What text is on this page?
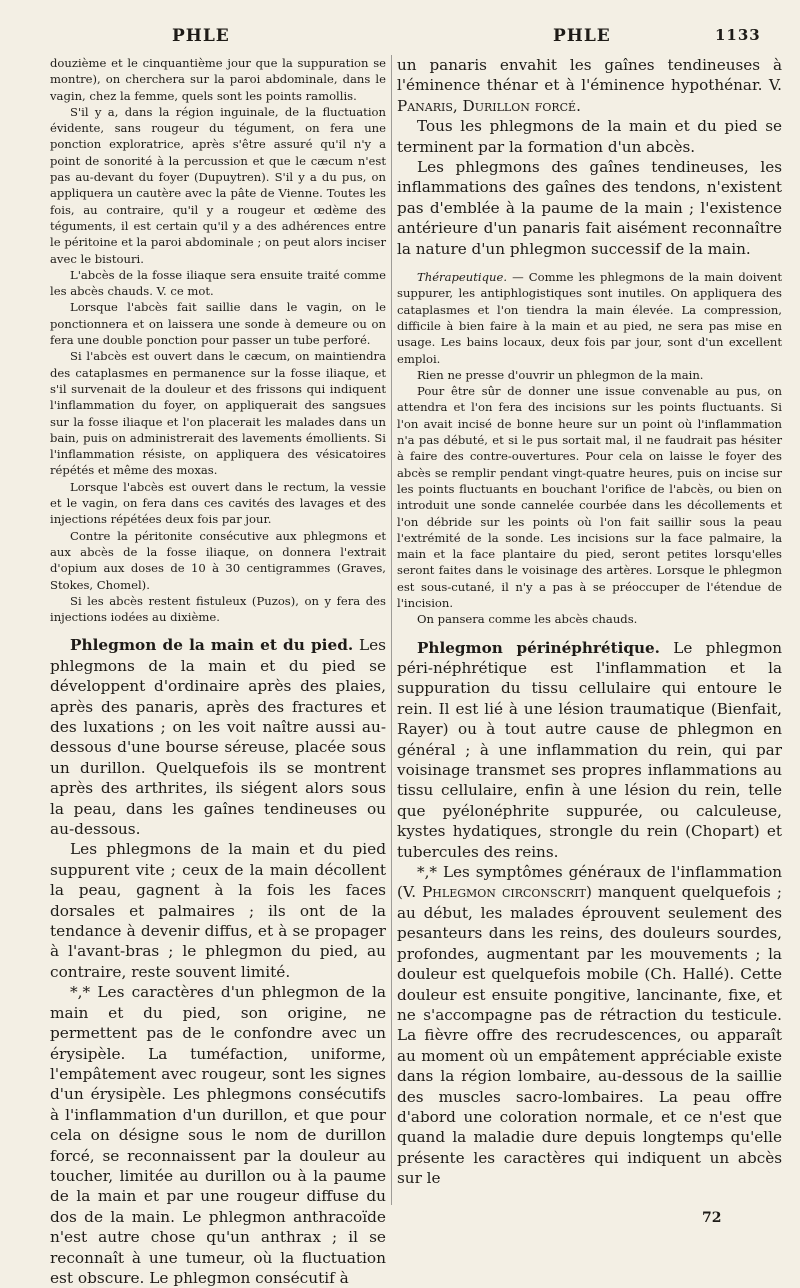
PHLE	PHLE	1133

douzième et le cinquantième jour que la suppuration se montre), on cherchera sur la paroi abdominale, dans le vagin, chez la femme, quels sont les points ramollis.

S'il y a, dans la région inguinale, de la fluctuation évidente, sans rougeur du tégument, on fera une ponction exploratrice, après s'être assuré qu'il n'y a point de sonorité à la percussion et que le cæcum n'est pas au-devant du foyer (Dupuytren). S'il y a du pus, on appliquera un cautère avec la pâte de Vienne. Toutes les fois, au contraire, qu'il y a rougeur et œdème des téguments, il est certain qu'il y a des adhérences entre le péritoine et la paroi abdominale ; on peut alors inciser avec le bistouri.

L'abcès de la fosse iliaque sera ensuite traité comme les abcès chauds. V. ce mot.

Lorsque l'abcès fait saillie dans le vagin, on le ponctionnera et on laissera une sonde à demeure ou on fera une double ponction pour passer un tube perforé.

Si l'abcès est ouvert dans le cæcum, on maintiendra des cataplasmes en permanence sur la fosse iliaque, et s'il survenait de la douleur et des frissons qui indiquent l'inflammation du foyer, on appliquerait des sangsues sur la fosse iliaque et l'on placerait les malades dans un bain, puis on administrerait des lavements émollients. Si l'inflammation résiste, on appliquera des vésicatoires répétés et même des moxas.

Lorsque l'abcès est ouvert dans le rectum, la vessie et le vagin, on fera dans ces cavités des lavages et des injections répétées deux fois par jour.

Contre la péritonite consécutive aux phlegmons et aux abcès de la fosse iliaque, on donnera l'extrait d'opium aux doses de 10 à 30 centigrammes (Graves, Stokes, Chomel).

Si les abcès restent fistuleux (Puzos), on y fera des injections iodées au dixième.

Phlegmon de la main et du pied. Les phlegmons de la main et du pied se développent d'ordinaire après des plaies, après des panaris, après des fractures et des luxations ; on les voit naître aussi au-dessous d'une bourse séreuse, placée sous un durillon. Quelquefois ils se montrent après des arthrites, ils siégent alors sous la peau, dans les gaînes tendineuses ou au-dessous.

Les phlegmons de la main et du pied suppurent vite ; ceux de la main décollent la peau, gagnent à la fois les faces dorsales et palmaires ; ils ont de la tendance à devenir diffus, et à se propager à l'avant-bras ; le phlegmon du pied, au contraire, reste souvent limité.

*,* Les caractères d'un phlegmon de la main et du pied, son origine, ne permettent pas de le confondre avec un érysipèle. La tuméfaction, uniforme, l'empâtement avec rougeur, sont les signes d'un érysipèle. Les phlegmons consécutifs à l'inflammation d'un durillon, et que pour cela on désigne sous le nom de durillon forcé, se reconnaissent par la douleur au toucher, limitée au durillon ou à la paume de la main et par une rougeur diffuse du dos de la main. Le phlegmon anthracoïde n'est autre chose qu'un anthrax ; il se reconnaît à une tumeur, où la fluctuation est obscure. Le phlegmon consécutif à

un panaris envahit les gaînes tendineuses à l'éminence thénar et à l'éminence hypothénar. V. Panaris, Durillon forcé.

Tous les phlegmons de la main et du pied se terminent par la formation d'un abcès.

Les phlegmons des gaînes tendineuses, les inflammations des gaînes des tendons, n'existent pas d'emblée à la paume de la main ; l'existence antérieure d'un panaris fait aisément reconnaître la nature d'un phlegmon successif de la main.

Thérapeutique. — Comme les phlegmons de la main doivent suppurer, les antiphlogistiques sont inutiles. On appliquera des cataplasmes et l'on tiendra la main élevée. La compression, difficile à bien faire à la main et au pied, ne sera pas mise en usage. Les bains locaux, deux fois par jour, sont d'un excellent emploi.

Rien ne presse d'ouvrir un phlegmon de la main.

Pour être sûr de donner une issue convenable au pus, on attendra et l'on fera des incisions sur les points fluctuants. Si l'on avait incisé de bonne heure sur un point où l'inflammation n'a pas débuté, et si le pus sortait mal, il ne faudrait pas hésiter à faire des contre-ouvertures. Pour cela on laisse le foyer des abcès se remplir pendant vingt-quatre heures, puis on incise sur les points fluctuants en bouchant l'orifice de l'abcès, ou bien on introduit une sonde cannelée courbée dans les décollements et l'on débride sur les points où l'on fait saillir sous la peau l'extrémité de la sonde. Les incisions sur la face palmaire, la main et la face plantaire du pied, seront petites lorsqu'elles seront faites dans le voisinage des artères. Lorsque le phlegmon est sous-cutané, il n'y a pas à se préoccuper de l'étendue de l'incision.

On pansera comme les abcès chauds.

Phlegmon périnéphrétique. Le phlegmon péri-néphrétique est l'inflammation et la suppuration du tissu cellulaire qui entoure le rein. Il est lié à une lésion traumatique (Bienfait, Rayer) ou à tout autre cause de phlegmon en général ; à une inflammation du rein, qui par voisinage transmet ses propres inflammations au tissu cellulaire, enfin à une lésion du rein, telle que pyélonéphrite suppurée, ou calculeuse, kystes hydatiques, strongle du rein (Chopart) et tubercules des reins.

*,* Les symptômes généraux de l'inflammation (V. Phlegmon circonscrit) manquent quelquefois ; au début, les malades éprouvent seulement des pesanteurs dans les reins, des douleurs sourdes, profondes, augmentant par les mouvements ; la douleur est quelquefois mobile (Ch. Hallé). Cette douleur est ensuite pongitive, lancinante, fixe, et ne s'accompagne pas de rétraction du testicule. La fièvre offre des recrudescences, ou apparaît au moment où un empâtement appréciable existe dans la région lombaire, au-dessous de la saillie des muscles sacro-lombaires. La peau offre d'abord une coloration normale, et ce n'est que quand la maladie dure depuis longtemps qu'elle présente les caractères qui indiquent un abcès sur le

72
